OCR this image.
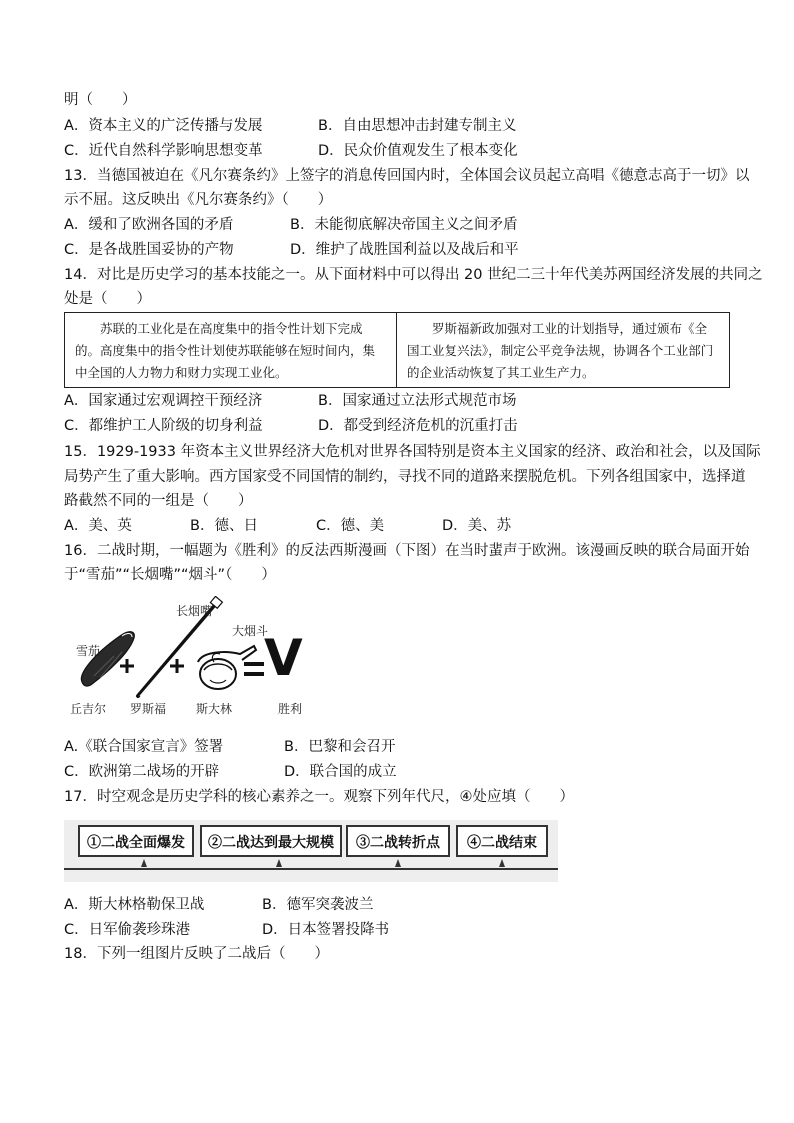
明（　　）
A．资本主义的广泛传播与发展	B．自由思想冲击封建专制主义
C．近代自然科学影响思想变革	D．民众价值观发生了根本变化
13．当德国被迫在《凡尔赛条约》上签字的消息传回国内时，全体国会议员起立高唱《德意志高于一切》以
示不屈。这反映出《凡尔赛条约》（　　）
A．缓和了欧洲各国的矛盾	B．未能彻底解决帝国主义之间矛盾
C．是各战胜国妥协的产物	D．维护了战胜国利益以及战后和平
14．对比是历史学习的基本技能之一。从下面材料中可以得出 20 世纪二三十年代美苏两国经济发展的共同之
处是（　　）
苏联的工业化是在高度集中的指令性计划下完成的。高度集中的指令性计划使苏联能够在短时间内，集中全国的人力物力和财力实现工业化。
罗斯福新政加强对工业的计划指导，通过颁布《全国工业复兴法》，制定公平竞争法规，协调各个工业部门的企业活动恢复了其工业生产力。
A．国家通过宏观调控干预经济	B．国家通过立法形式规范市场
C．都维护工人阶级的切身利益	D．都受到经济危机的沉重打击
15．1929-1933 年资本主义世界经济大危机对世界各国特别是资本主义国家的经济、政治和社会，以及国际
局势产生了重大影响。西方国家受不同国情的制约，寻找不同的道路来摆脱危机。下列各组国家中，选择道
路截然不同的一组是（　　）
A．美、英	B．德、日	C．德、美	D．美、苏
16．二战时期，一幅题为《胜利》的反法西斯漫画（下图）在当时蜚声于欧洲。该漫画反映的联合局面开始
于“雪茄”“长烟嘴”“烟斗”（　　）
雪茄
长烟嘴
大烟斗
V
丘吉尔 罗斯福 斯大林	胜利
A.《联合国家宣言》签署	B．巴黎和会召开
C．欧洲第二战场的开辟	D．联合国的成立
17．时空观念是历史学科的核心素养之一。观察下列年代尺，④处应填（　　）
①二战全面爆发	②二战达到最大规模	③二战转折点	④二战结束
A．斯大林格勒保卫战	B．德军突袭波兰
C．日军偷袭珍珠港	D．日本签署投降书
18．下列一组图片反映了二战后（　　）
